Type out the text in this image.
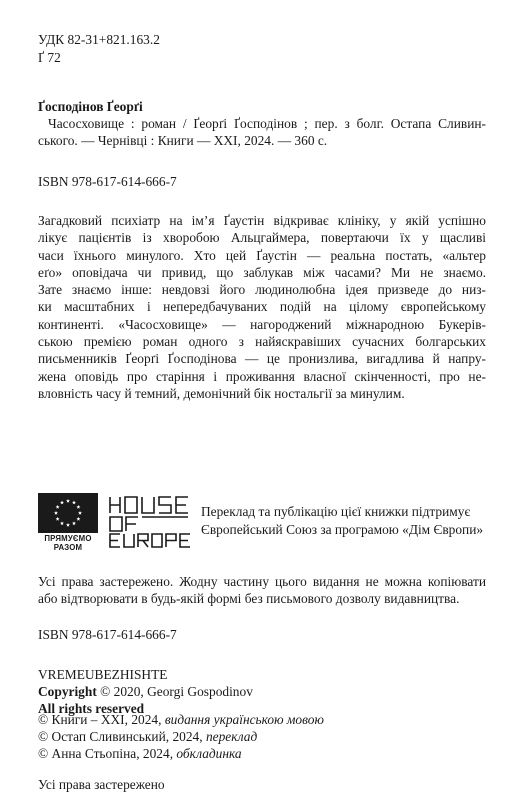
УДК 82-31+821.163.2
Ґ 72
Ґосподінов Ґеорґі
Часосховище : роман / Ґеорґі Ґосподінов ; пер. з болг. Остапа Сливин-
ського. — Чернівці : Книги — XXI, 2024. — 360 с.
ISBN 978-617-614-666-7
Загадковий психіатр на ім’я Ґаустін відкриває клініку, у якій успішно
лікує пацієнтів із хворобою Альцгаймера, повертаючи їх у щасливі
часи їхнього минулого. Хто цей Ґаустін — реальна постать, «альтер
еґо» оповідача чи привид, що заблукав між часами? Ми не знаємо.
Зате знаємо інше: невдовзі його людинолюбна ідея призведе до низ-
ки масштабних і непередбачуваних подій на цілому європейському
континенті. «Часосховище» — нагороджений міжнародною Букерів-
ською премією роман одного з найяскравіших сучасних болгарських
письменників Ґеорґі Ґосподінова — це пронизлива, вигадлива й напру-
жена оповідь про старіння і проживання власної скінченності, про не-
вловність часу й темний, демонічний бік ностальгії за минулим.
ПРЯМУЄМО
РАЗОМ
Переклад та публікацію цієї книжки підтримує
Європейський Союз за програмою «Дім Європи»
Усі права застережено. Жодну частину цього видання не можна копіювати
або відтворювати в будь-якій формі без письмового дозволу видавництва.
ISBN 978-617-614-666-7
VREMEUBEZHISHTE
Copyright © 2020, Georgi Gospodinov
All rights reserved
© Книги – XXI, 2024, видання українською мовою
© Остап Сливинський, 2024, переклад
© Анна Стьопіна, 2024, обкладинка
Усі права застережено
